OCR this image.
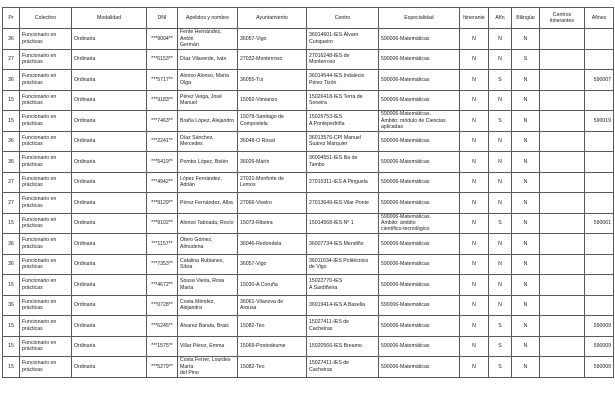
Pr	Colectivo	Modalidad	DNI	Apelidos y nombre	Ayuntamiento	Centro	Especialidad	Itinerante	Afín	Bilingüe	Centros
itinerantes	Afines
36	Funcionario en
prácticas	Ordinaria	***9004**	Fente Hernández, Antón
Germán	36057-Vigo	36014601-IES Álvaro
Cunqueiro	590006-Matemáticas	N	N	N		
27	Funcionario en
prácticas	Ordinaria	***6153**	Díaz Vilaverde, Iván	27032-Monterroso	27016248-IES de
Monterroso	590006-Matemáticas	N	N	S		
36	Funcionario en
prácticas	Ordinaria	***5717**	Alonso Alonso, María Olga	36055-Tui	36014544-IES Indalecio
Pérez Tizón	590006-Matemáticas	N	S	N		590007
15	Funcionario en
prácticas	Ordinaria	***9183**	Pérez Veiga, José Manuel	15092-Vimianzo	15026418-IES Terra de
Soneira	590006-Matemáticas	N	N	N		
15	Funcionario en
prácticas	Ordinaria	***7463**	Braña López, Alejandro	15078-Santiago de
Compostela	15026753-IES
A Pontepedriña	590006-Matemáticas.
Ámbito: módulo de Ciencias
aplicadas	N	S	N		590019
36	Funcionario en
prácticas	Ordinaria	***2241**	Díaz Sánchez, Mercedes	36048-O Rosal	36013576-CPI Manuel
Suárez Marquier	590006-Matemáticas	N	N	N		
36	Funcionario en
prácticas	Ordinaria	***5419**	Pombo López, Belén	36026-Marín	36004551-IES Illa de
Tambo	590006-Matemáticas	N	N	N		
27	Funcionario en
prácticas	Ordinaria	***4942**	López Fernández, Adrián	27031-Monforte de
Lemos	27015311-IES A Pinguela	590006-Matemáticas	N	N	N		
27	Funcionario en
prácticas	Ordinaria	***9129**	Pérez Fernández, Alba	27066-Viveiro	27013649-IES Vilar Ponte	590006-Matemáticas	N	N	N		
15	Funcionario en
prácticas	Ordinaria	***9102**	Alonso Taboada, Rocío	15073-Ribeira	15014568-IES Nº 1	590006-Matemáticas.
Ámbito: ámbito
científico-tecnológico	N	S	N		590061
36	Funcionario en
prácticas	Ordinaria	***1157**	Otero Gómez, Almudena	36046-Redondela	36007734-IES Mendiño	590006-Matemáticas	N	N	N		
36	Funcionario en
prácticas	Ordinaria	***7353**	Catalina Rubianes, Silvia	36057-Vigo	36011634-IES Politécnico
de Vigo	590006-Matemáticas	N	N	N		
15	Funcionario en
prácticas	Ordinaria	***4672**	Sousa Vieira, Rosa María	15030-A Coruña	15022770-IES
A Sardiñeira	590006-Matemáticas	N	N	N		
36	Funcionario en
prácticas	Ordinaria	***0728**	Costa Méndez, Alejandra	36061-Vilanova de
Arousa	36019414-IES A Basella	590006-Matemáticas	N	N	N		
15	Funcionario en
prácticas	Ordinaria	***6245**	Álvarez Barata, Brais	15082-Teo	15027411-IES de
Cacheiras	590006-Matemáticas	N	S	N		590009
15	Funcionario en
prácticas	Ordinaria	***1575**	Villar Pérez, Emma	15069-Pontedeume	15020566-IES Breamo	590006-Matemáticas	N	S	N		590009
15	Funcionario en
prácticas	Ordinaria	***5279**	Costa Ferrer, Lourdes María
del Pino	15082-Teo	15027411-IES de
Cacheiras	590006-Matemáticas	N	S	N		590009
